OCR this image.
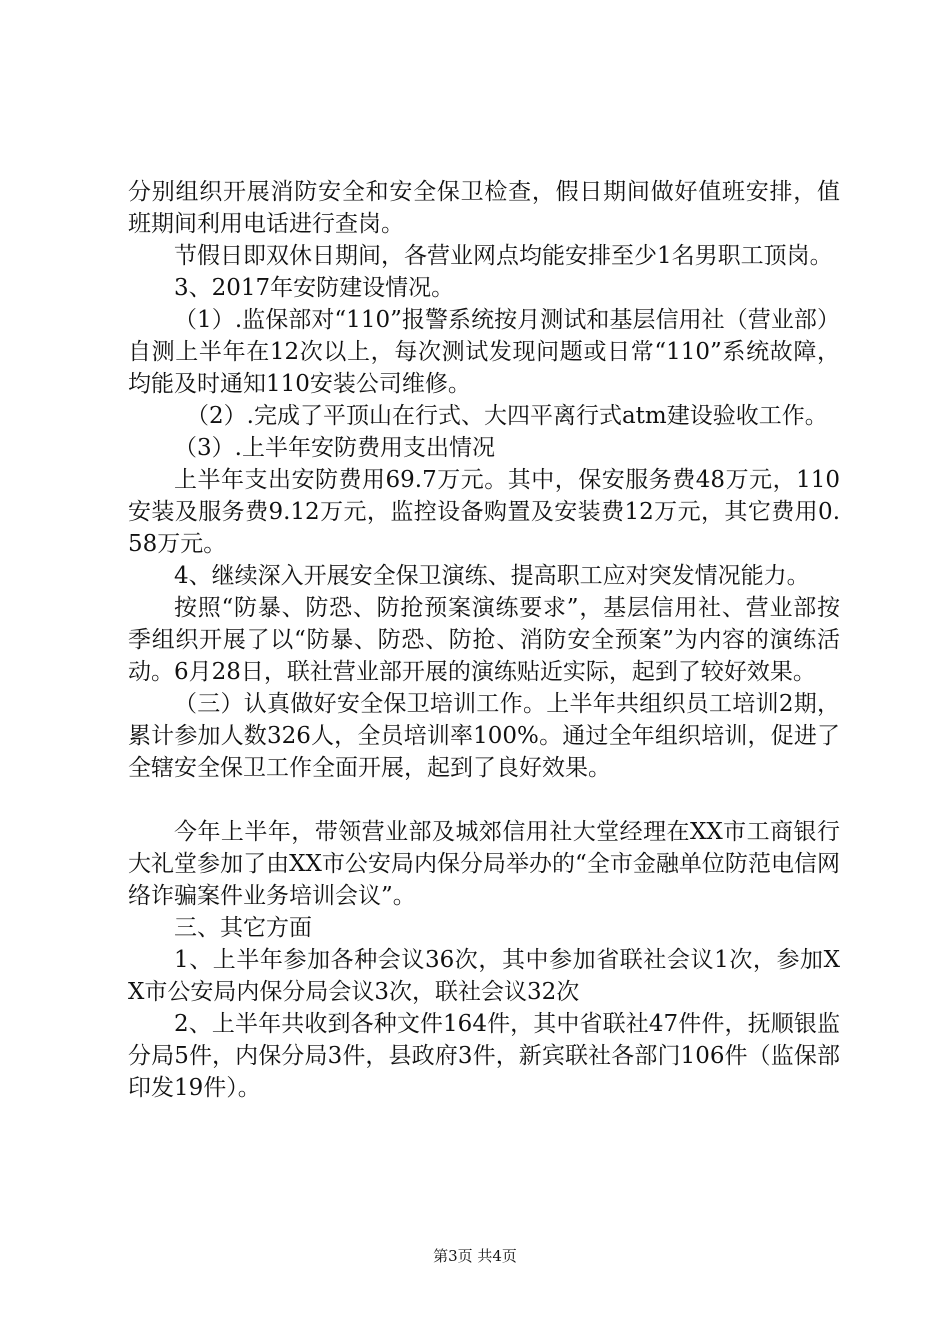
分别组织开展消防安全和安全保卫检查，假日期间做好值班安排，值班期间利用电话进行查岗。

节假日即双休日期间，各营业网点均能安排至少1名男职工顶岗。

3、2017年安防建设情况。

（1）.监保部对“110”报警系统按月测试和基层信用社（营业部）自测上半年在12次以上，每次测试发现问题或日常“110”系统故障，均能及时通知110安装公司维修。

（2）.完成了平顶山在行式、大四平离行式atm建设验收工作。

（3）.上半年安防费用支出情况

上半年支出安防费用69.7万元。其中，保安服务费48万元，110安装及服务费9.12万元，监控设备购置及安装费12万元，其它费用0.58万元。

4、继续深入开展安全保卫演练、提高职工应对突发情况能力。

按照“防暴、防恐、防抢预案演练要求”，基层信用社、营业部按季组织开展了以“防暴、防恐、防抢、消防安全预案”为内容的演练活动。6月28日，联社营业部开展的演练贴近实际，起到了较好效果。

（三）认真做好安全保卫培训工作。上半年共组织员工培训2期，累计参加人数326人，全员培训率100%。通过全年组织培训，促进了全辖安全保卫工作全面开展，起到了良好效果。

今年上半年，带领营业部及城郊信用社大堂经理在XX市工商银行大礼堂参加了由XX市公安局内保分局举办的“全市金融单位防范电信网络诈骗案件业务培训会议”。

三、其它方面

1、上半年参加各种会议36次，其中参加省联社会议1次，参加XX市公安局内保分局会议3次，联社会议32次

2、上半年共收到各种文件164件，其中省联社47件件，抚顺银监分局5件，内保分局3件，县政府3件，新宾联社各部门106件（监保部印发19件）。

第3页 共4页
